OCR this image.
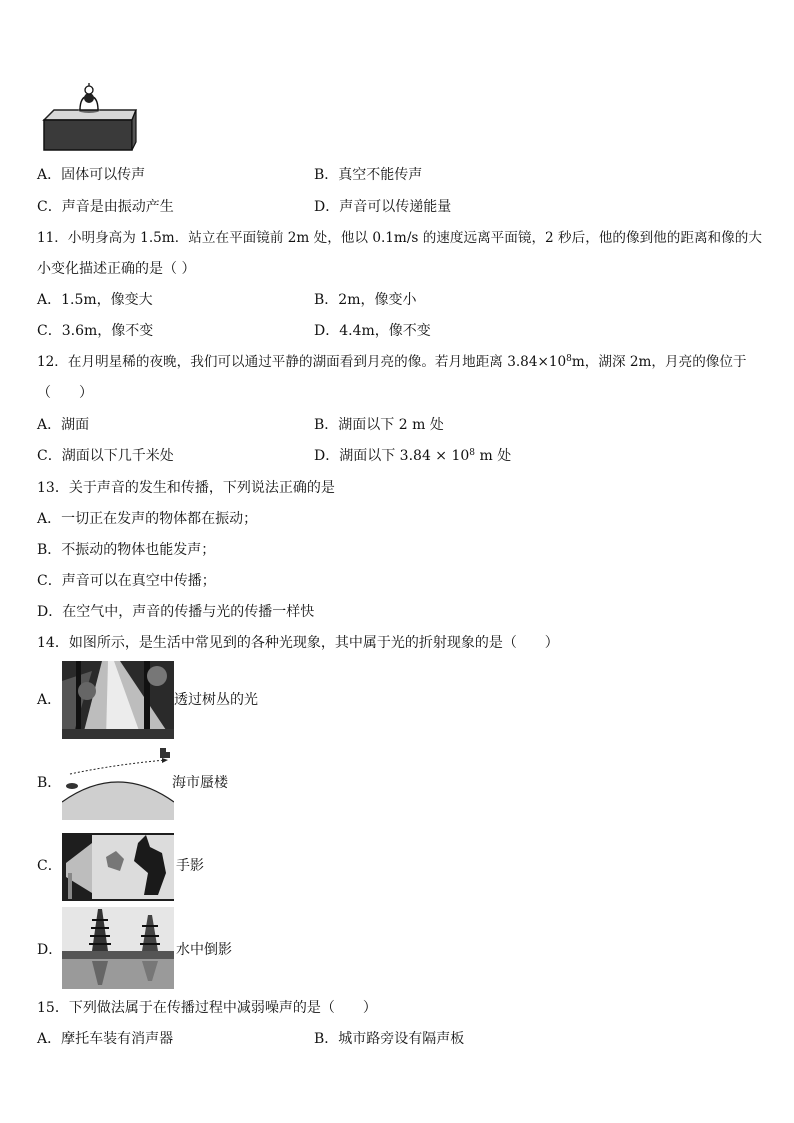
A．固体可以传声	B．真空不能传声
C．声音是由振动产生	D．声音可以传递能量
11．小明身高为 1.5m．站立在平面镜前 2m 处，他以 0.1m/s 的速度远离平面镜，2 秒后，他的像到他的距离和像的大
小变化描述正确的是（ ）
A．1.5m，像变大	B．2m，像变小
C．3.6m，像不变	D．4.4m，像不变
12．在月明星稀的夜晚，我们可以通过平静的湖面看到月亮的像。若月地距离 $3.84\times 10^8m$，湖深 2m，月亮的像位于
（　　）
A．湖面	B．湖面以下 2 m 处
C．湖面以下几千米处	D．湖面以下 $3.84 \times 10^8$ m 处
13．关于声音的发生和传播，下列说法正确的是
A．一切正在发声的物体都在振动；
B．不振动的物体也能发声；
C．声音可以在真空中传播；
D．在空气中，声音的传播与光的传播一样快
14．如图所示，是生活中常见到的各种光现象，其中属于光的折射现象的是（　　）
A．	透过树丛的光
B．	海市蜃楼
C．	手影
D．	水中倒影
15．下列做法属于在传播过程中减弱噪声的是（　　）
A．摩托车装有消声器	B．城市路旁设有隔声板
